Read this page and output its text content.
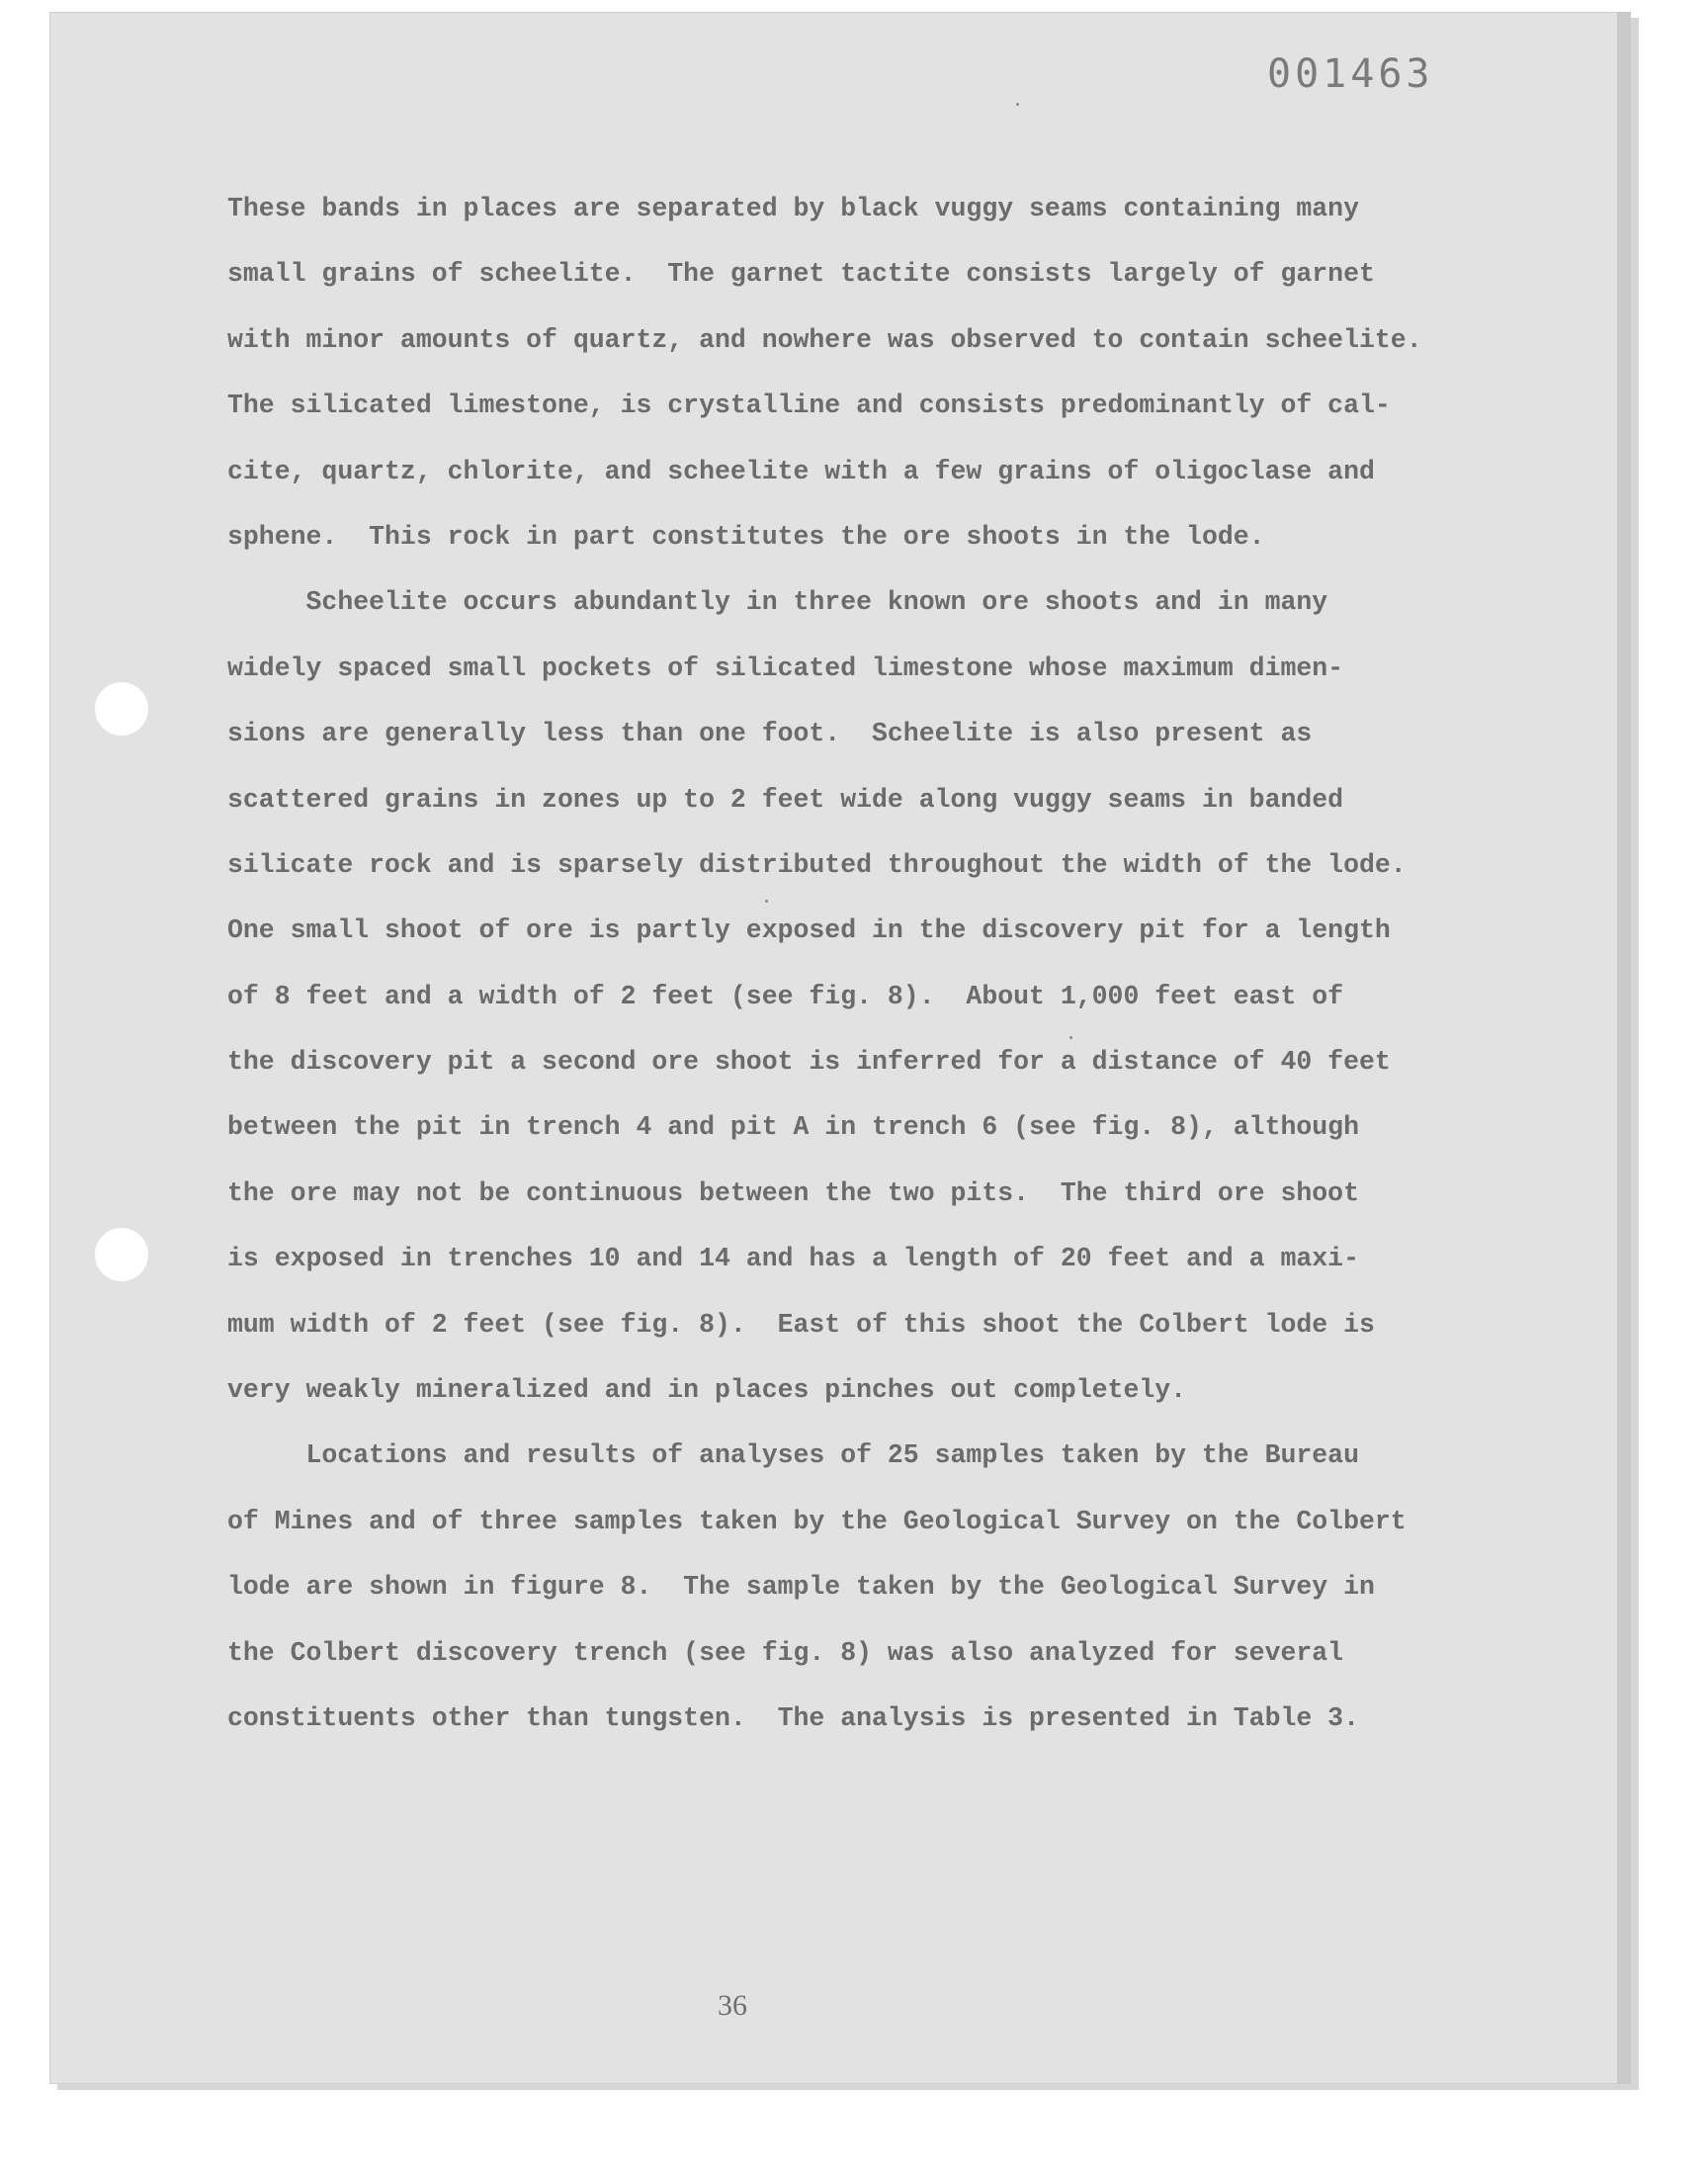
001463
These bands in places are separated by black vuggy seams containing many
small grains of scheelite.  The garnet tactite consists largely of garnet
with minor amounts of quartz, and nowhere was observed to contain scheelite.
The silicated limestone, is crystalline and consists predominantly of cal-
cite, quartz, chlorite, and scheelite with a few grains of oligoclase and
sphene.  This rock in part constitutes the ore shoots in the lode.
Scheelite occurs abundantly in three known ore shoots and in many
widely spaced small pockets of silicated limestone whose maximum dimen-
sions are generally less than one foot.  Scheelite is also present as
scattered grains in zones up to 2 feet wide along vuggy seams in banded
silicate rock and is sparsely distributed throughout the width of the lode.
One small shoot of ore is partly exposed in the discovery pit for a length
of 8 feet and a width of 2 feet (see fig. 8).  About 1,000 feet east of
the discovery pit a second ore shoot is inferred for a distance of 40 feet
between the pit in trench 4 and pit A in trench 6 (see fig. 8), although
the ore may not be continuous between the two pits.  The third ore shoot
is exposed in trenches 10 and 14 and has a length of 20 feet and a maxi-
mum width of 2 feet (see fig. 8).  East of this shoot the Colbert lode is
very weakly mineralized and in places pinches out completely.
Locations and results of analyses of 25 samples taken by the Bureau
of Mines and of three samples taken by the Geological Survey on the Colbert
lode are shown in figure 8.  The sample taken by the Geological Survey in
the Colbert discovery trench (see fig. 8) was also analyzed for several
constituents other than tungsten.  The analysis is presented in Table 3.
36
